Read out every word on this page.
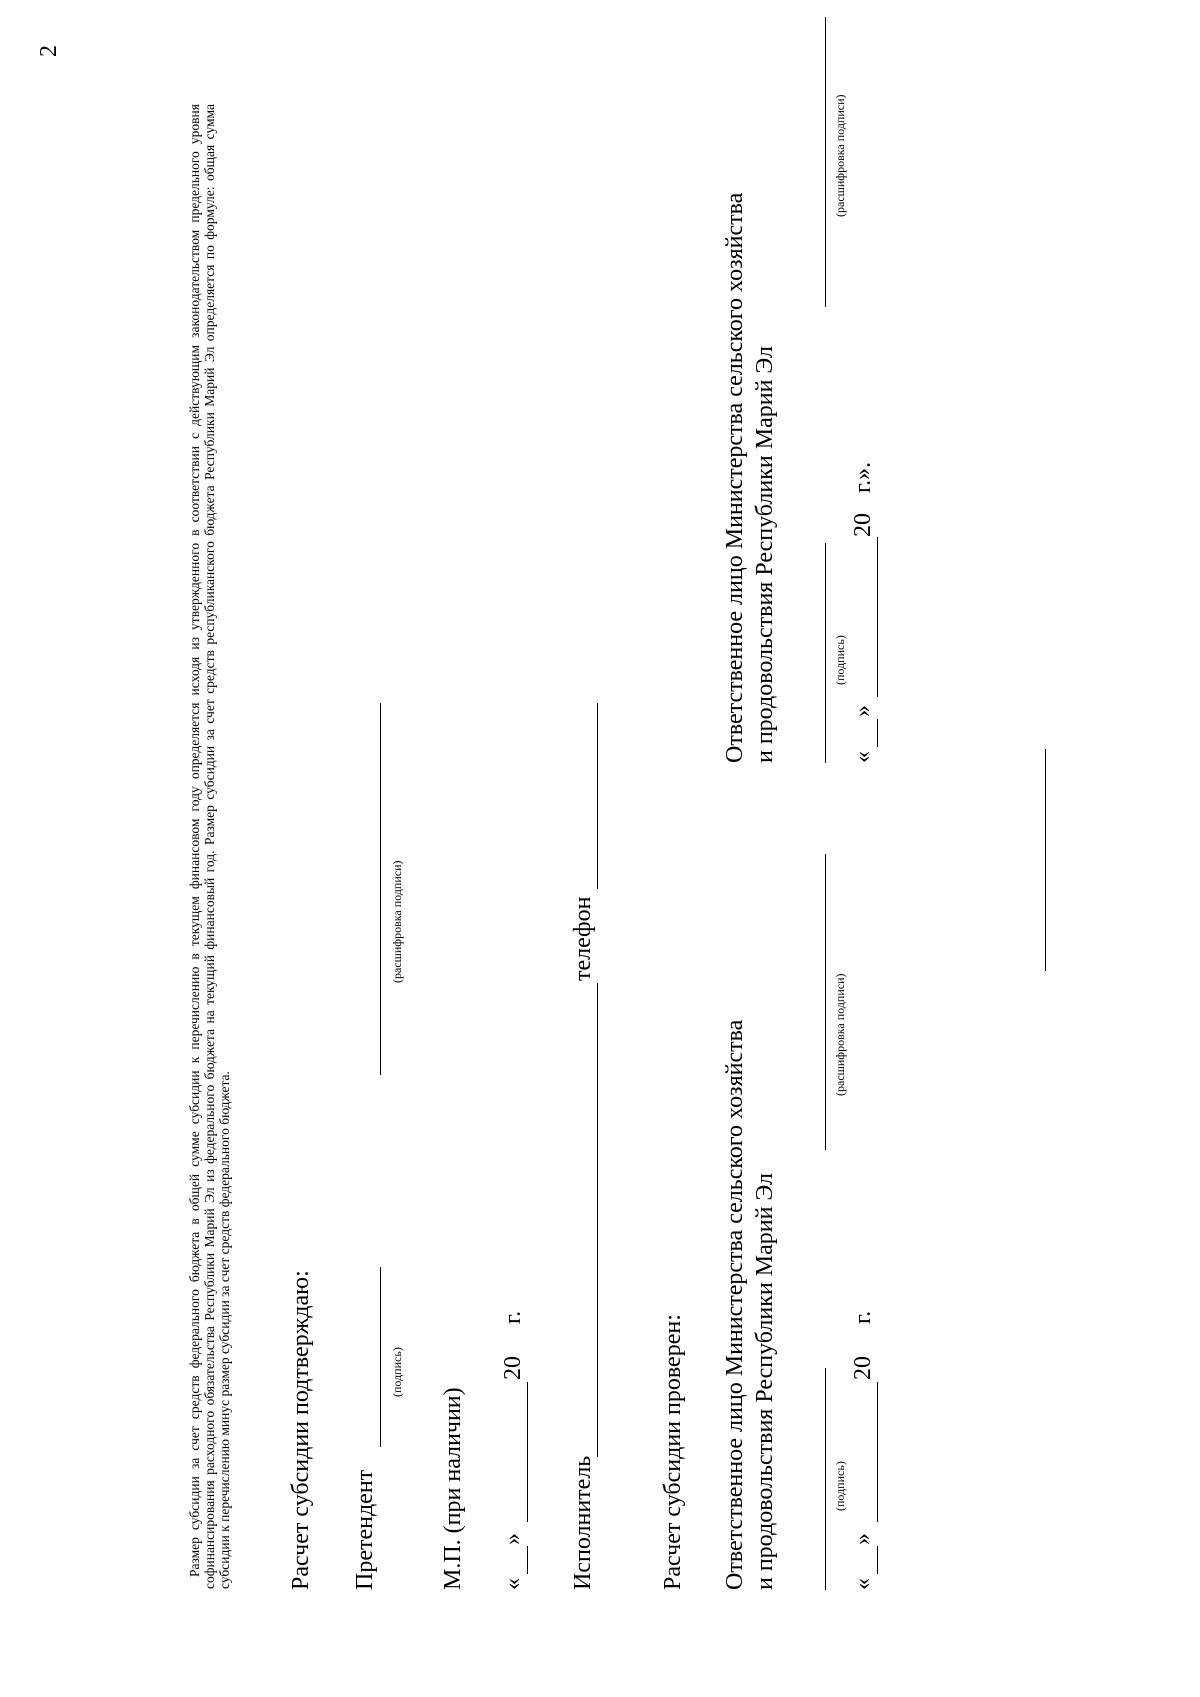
2
Размер субсидии за счет средств федерального бюджета в общей сумме субсидии к перечислению в текущем финансовом году определяется исходя из утвержденного в соответствии с действующим законодательством предельного уровня софинансирования расходного обязательства Республики Марий Эл из федерального бюджета на текущий финансовый год. Размер субсидии за счет средств республиканского бюджета Республики Марий Эл определяется по формуле: общая сумма субсидии к перечислению минус размер субсидии за счет средств федерального бюджета. Расчет субсидии подтверждаю: Претендент
(подпись)
(расшифровка подписи)
М.П. (при наличии) «
»
20
г.
Исполнитель
телефон
Расчет субсидии проверен: Ответственное лицо Министерства сельского хозяйства и продовольствия Республики Марий Эл	(подпись)
(расшифровка подписи)
«
»
20
г.
Ответственное лицо Министерства сельского хозяйства и продовольствия Республики Марий Эл	(подпись)
(расшифровка подписи)
«
»
20
г.».
